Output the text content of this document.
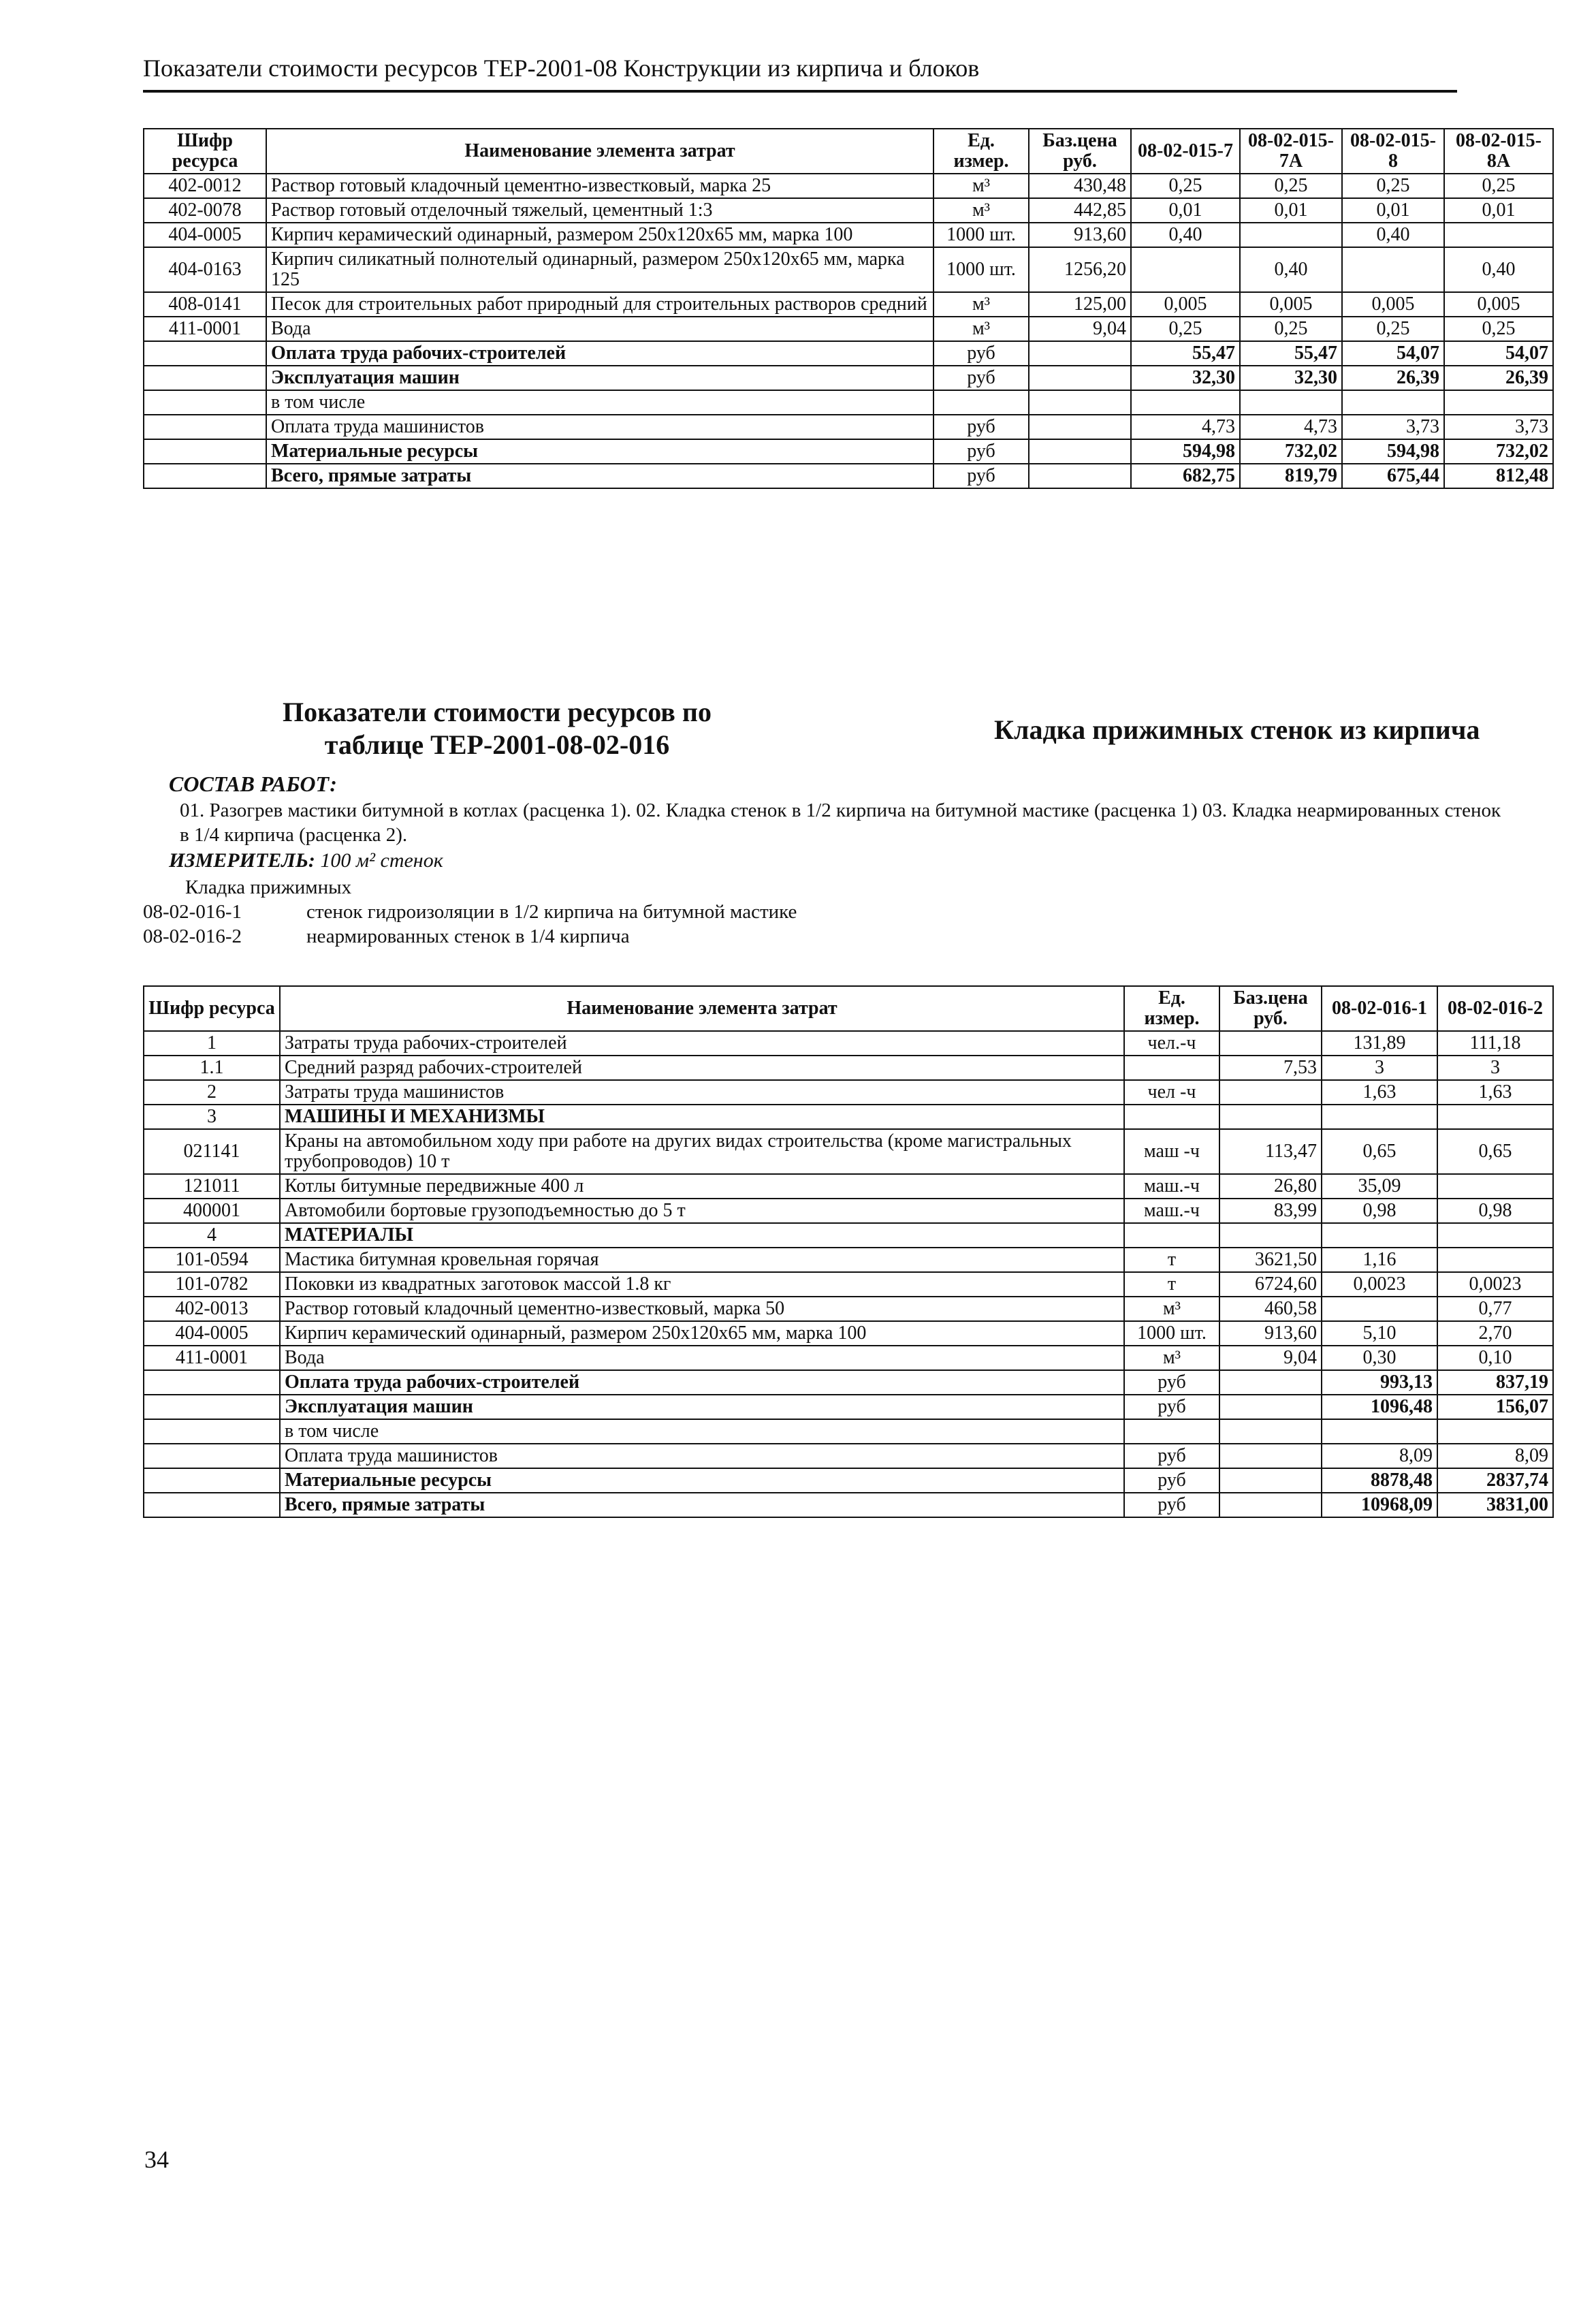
Показатели стоимости ресурсов ТЕР-2001-08 Конструкции из кирпича и блоков
Шифр ресурса	Наименование элемента затрат	Ед. измер.	Баз.цена руб.	08-02-015-7	08-02-015-7А	08-02-015-8	08-02-015-8А
402-0012	Раствор готовый кладочный цементно-известковый, марка 25	м³	430,48	0,25	0,25	0,25	0,25
402-0078	Раствор готовый отделочный тяжелый, цементный 1:3	м³	442,85	0,01	0,01	0,01	0,01
404-0005	Кирпич керамический одинарный, размером 250х120х65 мм, марка 100	1000 шт.	913,60	0,40		0,40	
404-0163	Кирпич силикатный полнотелый одинарный, размером 250х120х65 мм, марка 125	1000 шт.	1256,20		0,40		0,40
408-0141	Песок для строительных работ природный для строительных растворов средний	м³	125,00	0,005	0,005	0,005	0,005
411-0001	Вода	м³	9,04	0,25	0,25	0,25	0,25
	Оплата труда рабочих-строителей	руб		55,47	55,47	54,07	54,07
	Эксплуатация машин	руб		32,30	32,30	26,39	26,39
	в том числе						
	Оплата труда машинистов	руб		4,73	4,73	3,73	3,73
	Материальные ресурсы	руб		594,98	732,02	594,98	732,02
	Всего, прямые затраты	руб		682,75	819,79	675,44	812,48
Показатели стоимости ресурсов по таблице ТЕР-2001-08-02-016	Кладка прижимных стенок из кирпича
СОСТАВ РАБОТ:
01. Разогрев мастики битумной в котлах (расценка 1). 02. Кладка стенок в 1/2 кирпича на битумной мастике (расценка 1) 03. Кладка неармированных стенок в 1/4 кирпича (расценка 2).
ИЗМЕРИТЕЛЬ: 100 м² стенок
Кладка прижимных
08-02-016-1	стенок гидроизоляции в 1/2 кирпича на битумной мастике
08-02-016-2	неармированных стенок в 1/4 кирпича
Шифр ресурса	Наименование элемента затрат	Ед. измер.	Баз.цена руб.	08-02-016-1	08-02-016-2
1	Затраты труда рабочих-строителей	чел.-ч		131,89	111,18
1.1	Средний разряд рабочих-строителей		7,53	3	3
2	Затраты труда машинистов	чел -ч		1,63	1,63
3	МАШИНЫ И МЕХАНИЗМЫ				
021141	Краны на автомобильном ходу при работе на других видах строительства (кроме магистральных трубопроводов) 10 т	маш -ч	113,47	0,65	0,65
121011	Котлы битумные передвижные 400 л	маш.-ч	26,80	35,09	
400001	Автомобили бортовые грузоподъемностью до 5 т	маш.-ч	83,99	0,98	0,98
4	МАТЕРИАЛЫ				
101-0594	Мастика битумная кровельная горячая	т	3621,50	1,16	
101-0782	Поковки из квадратных заготовок массой 1.8 кг	т	6724,60	0,0023	0,0023
402-0013	Раствор готовый кладочный цементно-известковый, марка 50	м³	460,58		0,77
404-0005	Кирпич керамический одинарный, размером 250х120х65 мм, марка 100	1000 шт.	913,60	5,10	2,70
411-0001	Вода	м³	9,04	0,30	0,10
	Оплата труда рабочих-строителей	руб		993,13	837,19
	Эксплуатация машин	руб		1096,48	156,07
	в том числе				
	Оплата труда машинистов	руб		8,09	8,09
	Материальные ресурсы	руб		8878,48	2837,74
	Всего, прямые затраты	руб		10968,09	3831,00
34
